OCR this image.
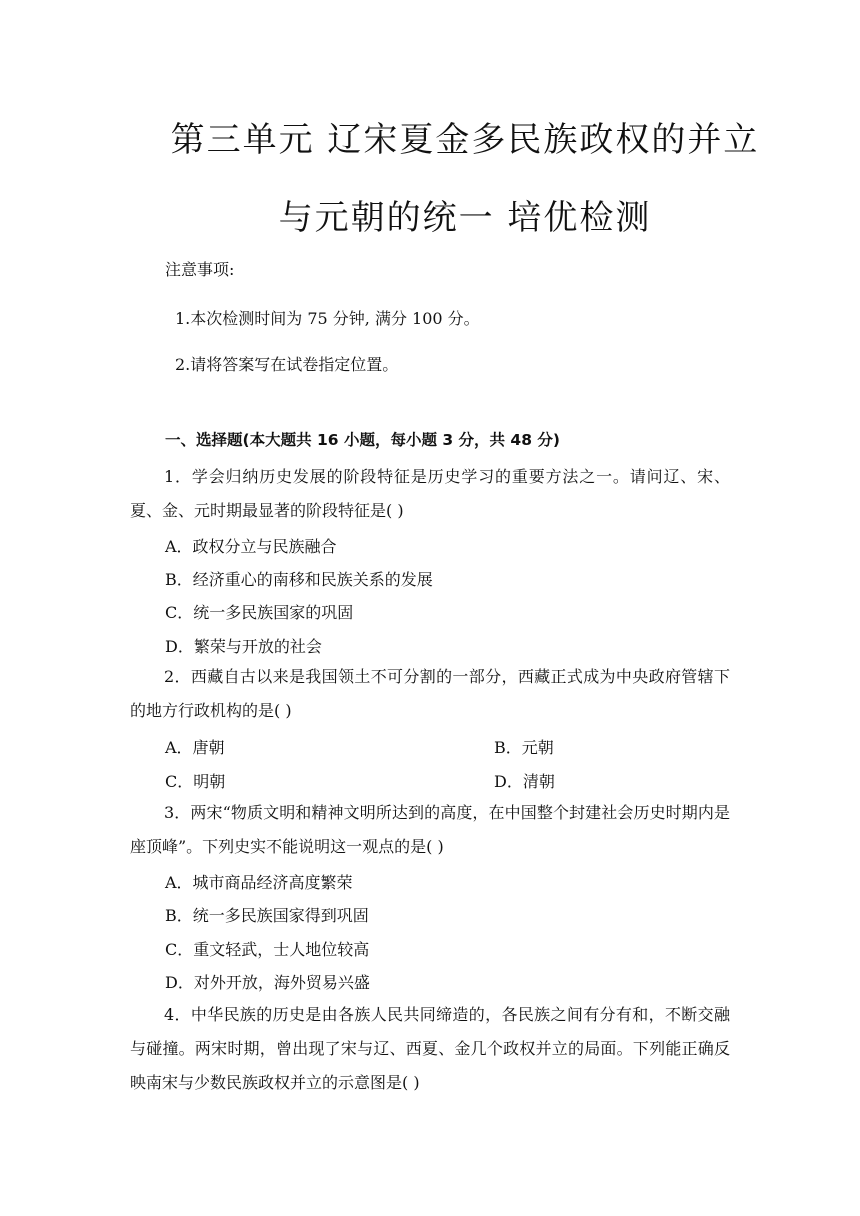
第三单元 辽宋夏金多民族政权的并立
与元朝的统一 培优检测

注意事项:

1.本次检测时间为 75 分钟, 满分 100 分。

2.请将答案写在试卷指定位置。

一、选择题(本大题共 16 小题，每小题 3 分，共 48 分)

1．学会归纳历史发展的阶段特征是历史学习的重要方法之一。请问辽、宋、夏、金、元时期最显著的阶段特征是( )

A．政权分立与民族融合

B．经济重心的南移和民族关系的发展

C．统一多民族国家的巩固

D．繁荣与开放的社会

2．西藏自古以来是我国领土不可分割的一部分，西藏正式成为中央政府管辖下的地方行政机构的是( )

A．唐朝	B．元朝

C．明朝	D．清朝

3．两宋“物质文明和精神文明所达到的高度，在中国整个封建社会历史时期内是座顶峰”。下列史实不能说明这一观点的是( )

A．城市商品经济高度繁荣

B．统一多民族国家得到巩固

C．重文轻武，士人地位较高

D．对外开放，海外贸易兴盛

4．中华民族的历史是由各族人民共同缔造的，各民族之间有分有和，不断交融与碰撞。两宋时期，曾出现了宋与辽、西夏、金几个政权并立的局面。下列能正确反映南宋与少数民族政权并立的示意图是( )
